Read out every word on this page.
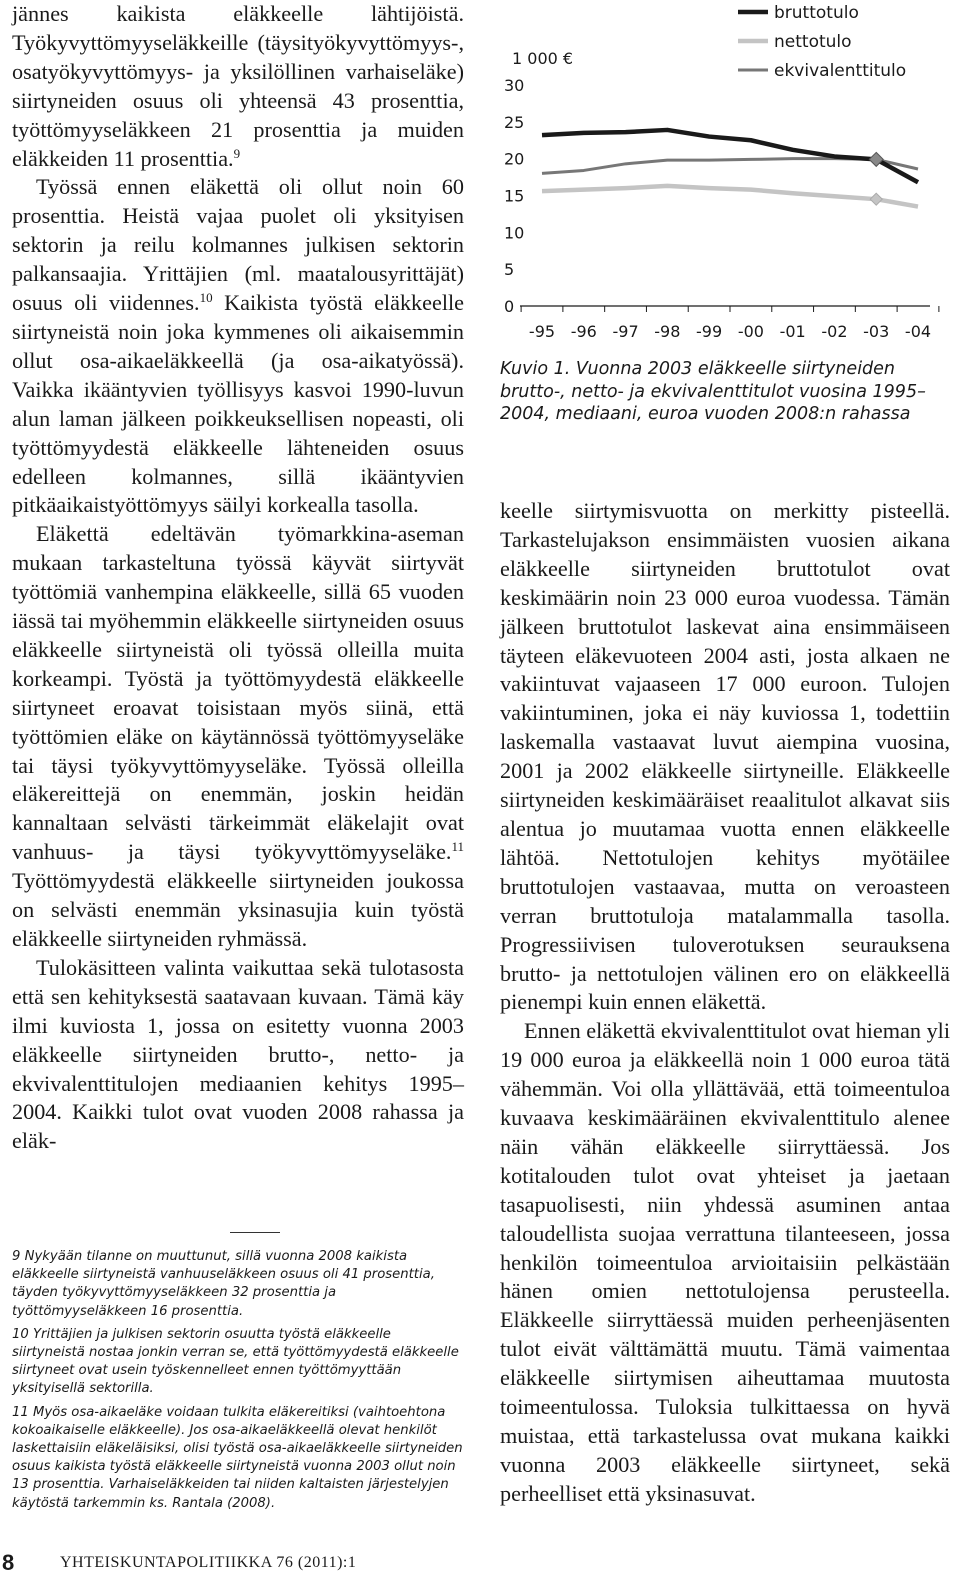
jännes kaikista eläkkeelle lähtijöistä. Työkyvyttömyyseläkkeille (täysityökyvyttömyys-, osatyökyvyttömyys- ja yksilöllinen varhaiseläke) siirtyneiden osuus oli yhteensä 43 prosenttia, työttömyyseläkkeen 21 prosenttia ja muiden eläkkeiden 11 prosenttia.$^9$

Työssä ennen eläkettä oli ollut noin 60 prosenttia. Heistä vajaa puolet oli yksityisen sektorin ja reilu kolmannes julkisen sektorin palkansaajia. Yrittäjien (ml. maatalousyrittäjät) osuus oli viidennes.$^{10}$ Kaikista työstä eläkkeelle siirtyneistä noin joka kymmenes oli aikaisemmin ollut osa-aikaeläkkeellä (ja osa-aikatyössä). Vaikka ikääntyvien työllisyys kasvoi 1990-luvun alun laman jälkeen poikkeuksellisen nopeasti, oli työttömyydestä eläkkeelle lähteneiden osuus edelleen kolmannes, sillä ikääntyvien pitkäaikaistyöttömyys säilyi korkealla tasolla.

Eläkettä edeltävän työmarkkina-aseman mukaan tarkasteltuna työssä käyvät siirtyvät työttömiä vanhempina eläkkeelle, sillä 65 vuoden iässä tai myöhemmin eläkkeelle siirtyneiden osuus eläkkeelle siirtyneistä oli työssä olleilla muita korkeampi. Työstä ja työttömyydestä eläkkeelle siirtyneet eroavat toisistaan myös siinä, että työttömien eläke on käytännössä työttömyyseläke tai täysi työkyvyttömyyseläke. Työssä olleilla eläkereittejä on enemmän, joskin heidän kannaltaan selvästi tärkeimmät eläkelajit ovat vanhuus- ja täysi työkyvyttömyyseläke.$^{11}$ Työttömyydestä eläkkeelle siirtyneiden joukossa on selvästi enemmän yksinasujia kuin työstä eläkkeelle siirtyneiden ryhmässä.

Tulokäsitteen valinta vaikuttaa sekä tulotasosta että sen kehityksestä saatavaan kuvaan. Tämä käy ilmi kuviosta 1, jossa on esitetty vuonna 2003 eläkkeelle siirtyneiden brutto-, netto- ja ekvivalenttitulojen mediaanien kehitys 1995–2004. Kaikki tulot ovat vuoden 2008 rahassa ja eläk-

9 Nykyään tilanne on muuttunut, sillä vuonna 2008 kaikista eläkkeelle siirtyneistä vanhuuseläkkeen osuus oli 41 prosenttia, täyden työkyvyttömyyseläkkeen 32 prosenttia ja työttömyyseläkkeen 16 prosenttia.

10 Yrittäjien ja julkisen sektorin osuutta työstä eläkkeelle siirtyneistä nostaa jonkin verran se, että työttömyydestä eläkkeelle siirtyneet ovat usein työskennelleet ennen työttömyyttään yksityisellä sektorilla.

11 Myös osa-aikaeläke voidaan tulkita eläkereitiksi (vaihtoehtona kokoaikaiselle eläkkeelle). Jos osa-aikaeläkkeellä olevat henkilöt laskettaisiin eläkeläisiksi, olisi työstä osa-aikaeläkkeelle siirtyneiden osuus kaikista työstä eläkkeelle siirtyneistä vuonna 2003 ollut noin 13 prosenttia. Varhaiseläkkeiden tai niiden kaltaisten järjestelyjen käytöstä tarkemmin ks. Rantala (2008).

1 000 €
30
25
20
15
10
5
0
-95 -96 -97 -98 -99 -00 -01 -02 -03 -04
bruttotulo
nettotulo
ekvivalenttitulo
Kuvio 1. Vuonna 2003 eläkkeelle siirtyneiden brutto-, netto- ja ekvivalenttitulot vuosina 1995–2004, mediaani, euroa vuoden 2008:n rahassa

keelle siirtymisvuotta on merkitty pisteellä. Tarkastelujakson ensimmäisten vuosien aikana eläkkeelle siirtyneiden bruttotulot ovat keskimäärin noin 23 000 euroa vuodessa. Tämän jälkeen bruttotulot laskevat aina ensimmäiseen täyteen eläkevuoteen 2004 asti, josta alkaen ne vakiintuvat vajaaseen 17 000 euroon. Tulojen vakiintuminen, joka ei näy kuviossa 1, todettiin laskemalla vastaavat luvut aiempina vuosina, 2001 ja 2002 eläkkeelle siirtyneille. Eläkkeelle siirtyneiden keskimääräiset reaalitulot alkavat siis alentua jo muutamaa vuotta ennen eläkkeelle lähtöä. Nettotulojen kehitys myötäilee bruttotulojen vastaavaa, mutta on veroasteen verran bruttotuloja matalammalla tasolla. Progressiivisen tuloverotuksen seurauksena brutto- ja nettotulojen välinen ero on eläkkeellä pienempi kuin ennen eläkettä.

Ennen eläkettä ekvivalenttitulot ovat hieman yli 19 000 euroa ja eläkkeellä noin 1 000 euroa tätä vähemmän. Voi olla yllättävää, että toimeentuloa kuvaava keskimääräinen ekvivalenttitulo alenee näin vähän eläkkeelle siirryttäessä. Jos kotitalouden tulot ovat yhteiset ja jaetaan tasapuolisesti, niin yhdessä asuminen antaa taloudellista suojaa verrattuna tilanteeseen, jossa henkilön toimeentuloa arvioitaisiin pelkästään hänen omien nettotulojensa perusteella. Eläkkeelle siirryttäessä muiden perheenjäsenten tulot eivät välttämättä muutu. Tämä vaimentaa eläkkeelle siirtymisen aiheuttamaa muutosta toimeentulossa. Tuloksia tulkittaessa on hyvä muistaa, että tarkastelussa ovat mukana kaikki vuonna 2003 eläkkeelle siirtyneet, sekä perheelliset että yksinasuvat.

8	YHTEISKUNTAPOLITIIKKA 76 (2011):1
